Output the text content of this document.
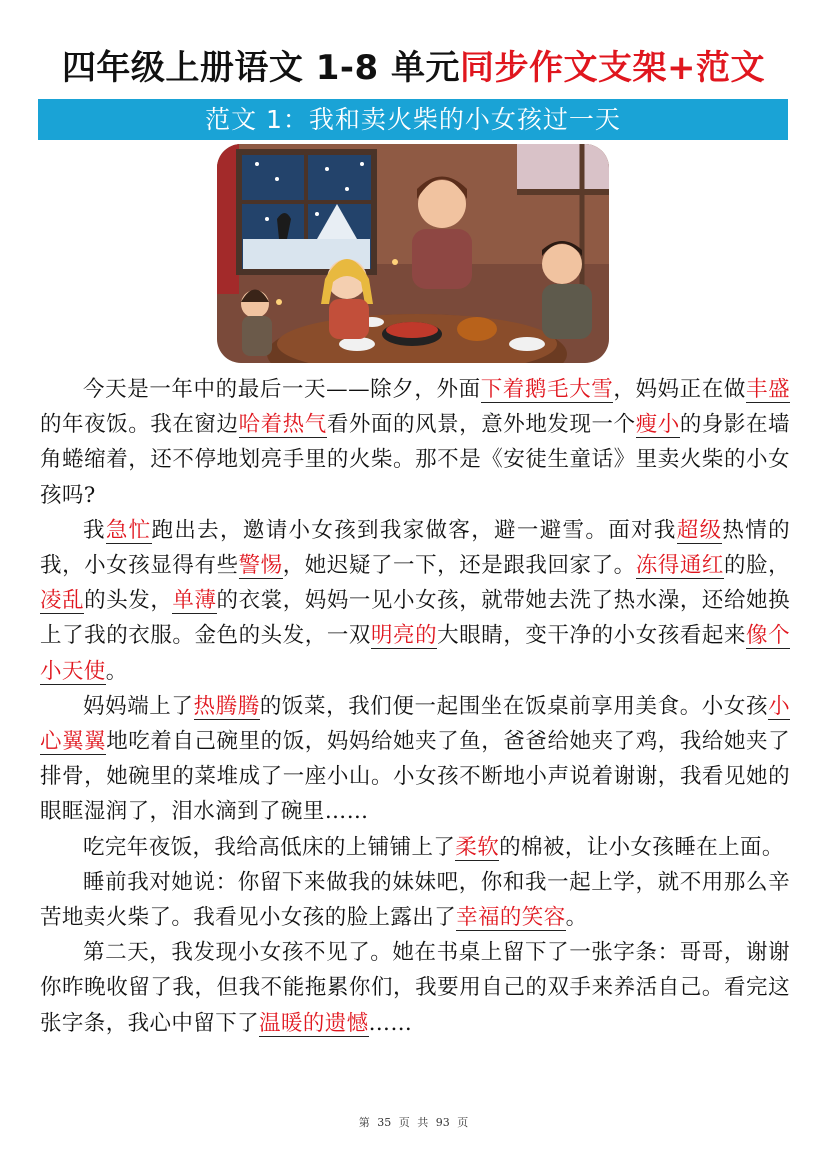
四年级上册语文 1-8 单元同步作文支架+范文
范文 1：我和卖火柴的小女孩过一天

今天是一年中的最后一天——除夕，外面下着鹅毛大雪，妈妈正在做丰盛的年夜饭。我在窗边哈着热气看外面的风景，意外地发现一个瘦小的身影在墙角蜷缩着，还不停地划亮手里的火柴。那不是《安徒生童话》里卖火柴的小女孩吗?

我急忙跑出去，邀请小女孩到我家做客，避一避雪。面对我超级热情的我，小女孩显得有些警惕，她迟疑了一下，还是跟我回家了。冻得通红的脸，凌乱的头发，单薄的衣裳，妈妈一见小女孩，就带她去洗了热水澡，还给她换上了我的衣服。金色的头发，一双明亮的大眼睛，变干净的小女孩看起来像个小天使。

妈妈端上了热腾腾的饭菜，我们便一起围坐在饭桌前享用美食。小女孩小心翼翼地吃着自己碗里的饭，妈妈给她夹了鱼，爸爸给她夹了鸡，我给她夹了排骨，她碗里的菜堆成了一座小山。小女孩不断地小声说着谢谢，我看见她的眼眶湿润了，泪水滴到了碗里……

吃完年夜饭，我给高低床的上铺铺上了柔软的棉被，让小女孩睡在上面。

睡前我对她说：你留下来做我的妹妹吧，你和我一起上学，就不用那么辛苦地卖火柴了。我看见小女孩的脸上露出了幸福的笑容。

第二天，我发现小女孩不见了。她在书桌上留下了一张字条：哥哥，谢谢你昨晚收留了我，但我不能拖累你们，我要用自己的双手来养活自己。看完这张字条，我心中留下了温暖的遗憾……

第 35 页 共 93 页
